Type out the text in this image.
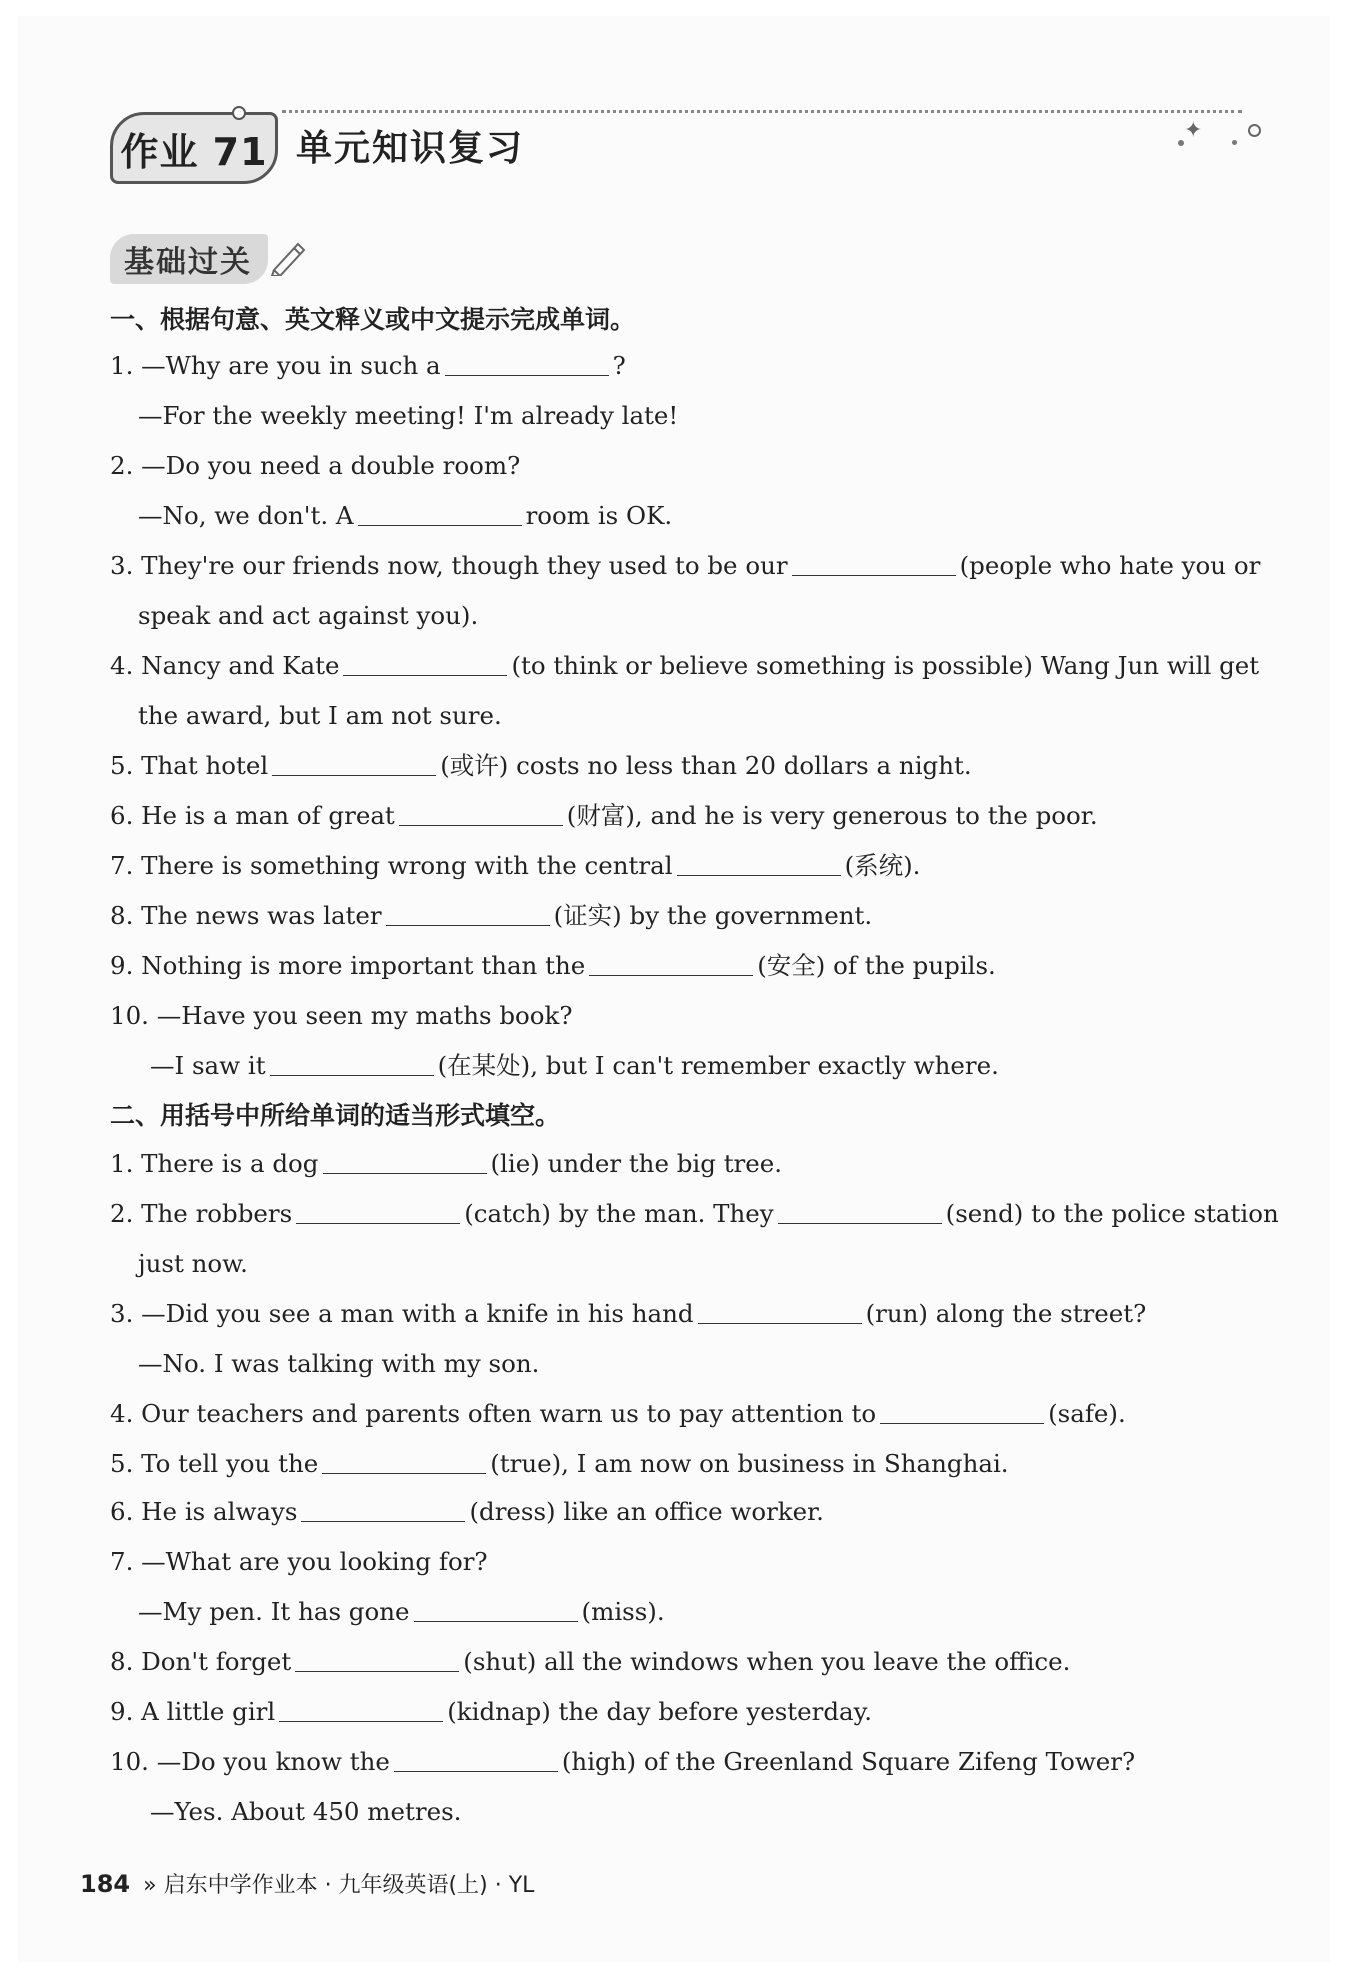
作业 71 单元知识复习	✦
基础过关
一、根据句意、英文释义或中文提示完成单词。
1. —Why are you in such a	?
—For the weekly meeting! I'm already late!
2. —Do you need a double room?
—No, we don't. A	room is OK.
3. They're our friends now, though they used to be our	(people who hate you or
speak and act against you).
4. Nancy and Kate	(to think or believe something is possible) Wang Jun will get
the award, but I am not sure.
5. That hotel	(或许) costs no less than 20 dollars a night.
6. He is a man of great	(财富), and he is very generous to the poor.
7. There is something wrong with the central	(系统).
8. The news was later	(证实) by the government.
9. Nothing is more important than the	(安全) of the pupils.
10. —Have you seen my maths book?
—I saw it	(在某处), but I can't remember exactly where.
二、用括号中所给单词的适当形式填空。
1. There is a dog	(lie) under the big tree.
2. The robbers	(catch) by the man. They	(send) to the police station
just now.
3. —Did you see a man with a knife in his hand	(run) along the street?
—No. I was talking with my son.
4. Our teachers and parents often warn us to pay attention to	(safe).
5. To tell you the	(true), I am now on business in Shanghai.
6. He is always	(dress) like an office worker.
7. —What are you looking for?
—My pen. It has gone	(miss).
8. Don't forget	(shut) all the windows when you leave the office.
9. A little girl	(kidnap) the day before yesterday.
10. —Do you know the	(high) of the Greenland Square Zifeng Tower?
—Yes. About 450 metres.
184 » 启东中学作业本 · 九年级英语(上) · YL
